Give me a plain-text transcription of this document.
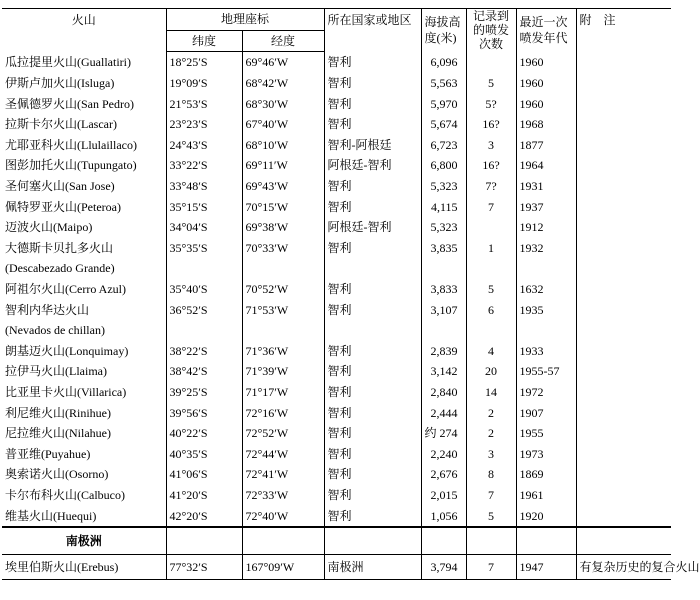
火山	地理座标		所在国家或地区	海拔高度(米)	记录到的喷发次数	最近一次喷发年代	附　注
	纬度	经度					
瓜拉提里火山(Guallatiri)	18°25′S	69°46′W	智利	6,096		1960	
伊斯卢加火山(Isluga)	19°09′S	68°42′W	智利	5,563	5	1960	
圣佩德罗火山(San Pedro)	21°53′S	68°30′W	智利	5,970	5?	1960	
拉斯卡尔火山(Lascar)	23°23′S	67°40′W	智利	5,674	16?	1968	
尤耶亚科火山(Llulaillaco)	24°43′S	68°10′W	智利-阿根廷	6,723	3	1877	
图彭加托火山(Tupungato)	33°22′S	69°11′W	阿根廷-智利	6,800	16?	1964	
圣何塞火山(San Jose)	33°48′S	69°43′W	智利	5,323	7?	1931	
佩特罗亚火山(Peteroa)	35°15′S	70°15′W	智利	4,115	7	1937	
迈波火山(Maipo)	34°04′S	69°38′W	阿根廷-智利	5,323		1912	
大德斯卡贝扎多火山	35°35′S	70°33′W	智利	3,835	1	1932	
(Descabezado Grande)							
阿祖尔火山(Cerro Azul)	35°40′S	70°52′W	智利	3,833	5	1632	
智利内华达火山	36°52′S	71°53′W	智利	3,107	6	1935	
(Nevados de chillan)							
朗基迈火山(Lonquimay)	38°22′S	71°36′W	智利	2,839	4	1933	
拉伊马火山(Llaima)	38°42′S	71°39′W	智利	3,142	20	1955-57	
比亚里卡火山(Villarica)	39°25′S	71°17′W	智利	2,840	14	1972	
利尼维火山(Rinihue)	39°56′S	72°16′W	智利	2,444	2	1907	
尼拉维火山(Nilahue)	40°22′S	72°52′W	智利	约 274	2	1955	
普亚维(Puyahue)	40°35′S	72°44′W	智利	2,240	3	1973	
奥索诺火山(Osorno)	41°06′S	72°41′W	智利	2,676	8	1869	
卡尔布科火山(Calbuco)	41°20′S	72°33′W	智利	2,015	7	1961	
维基火山(Huequi)	42°20′S	72°40′W	智利	1,056	5	1920	
南极洲							
埃里伯斯火山(Erebus)	77°32′S	167°09′W	南极洲	3,794	7	1947	有复杂历史的复合火山
